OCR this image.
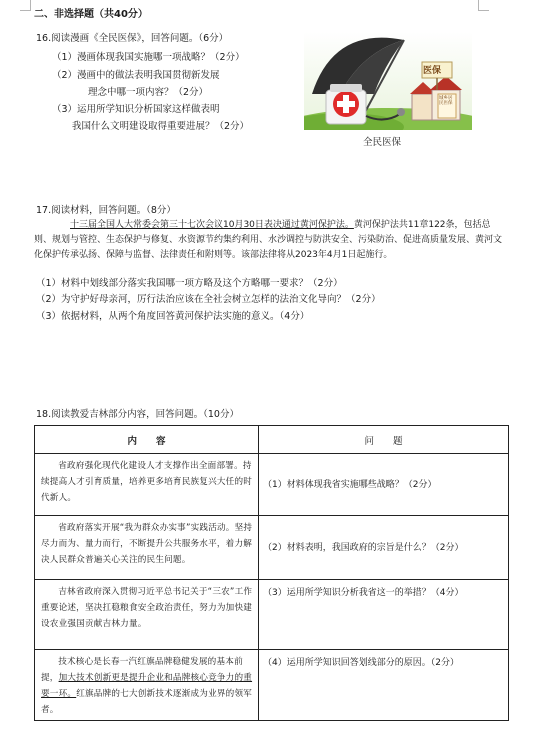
二、非选择题（共40分）
16.阅读漫画《全民医保》，回答问题。（6分）
（1）漫画体现我国实施哪一项战略？（2分）
（2）漫画中的做法表明我国贯彻新发展
理念中哪一项内容？（2分）
（3）运用所学知识分析国家这样做表明
我国什么文明建设取得重要进展？（2分）
医保
城乡居民医保
全民医保
17.阅读材料，回答问题。（8分）
十三届全国人大常委会第三十七次会议10月30日表决通过黄河保护法。黄河保护法共11章122条，包括总则、规划与管控、生态保护与修复、水资源节约集约利用、水沙调控与防洪安全、污染防治、促进高质量发展、黄河文化保护传承弘扬、保障与监督、法律责任和附则等。该部法律将从2023年4月1日起施行。
（1）材料中划线部分落实我国哪一项方略及这个方略哪一要求？（2分）
（2）为守护好母亲河，厉行法治应该在全社会树立怎样的法治文化导向？（2分）
（3）依据材料，从两个角度回答黄河保护法实施的意义。（4分）
18.阅读教爱吉林部分内容，回答问题。（10分）
内　　容	问　　题
省政府强化现代化建设人才支撑作出全面部署。持续提高人才引育质量，培养更多培育民族复兴大任的时代新人。	（1）材料体现我省实施哪些战略？（2分）
省政府落实开展“我为群众办实事”实践活动。坚持尽力而为、量力而行，不断提升公共服务水平，着力解决人民群众普遍关心关注的民生问题。	（2）材料表明，我国政府的宗旨是什么？（2分）
吉林省政府深入贯彻习近平总书记关于“三农”工作重要论述，坚决扛稳粮食安全政治责任，努力为加快建设农业强国贡献吉林力量。	（3）运用所学知识分析我省这一的举措？（4分）
技术核心是长春一汽红旗品牌稳健发展的基本前提，加大技术创新更是提升企业和品牌核心竞争力的重要一环。红旗品牌的七大创新技术逐渐成为业界的领军者。	（4）运用所学知识回答划线部分的原因。（2分）
